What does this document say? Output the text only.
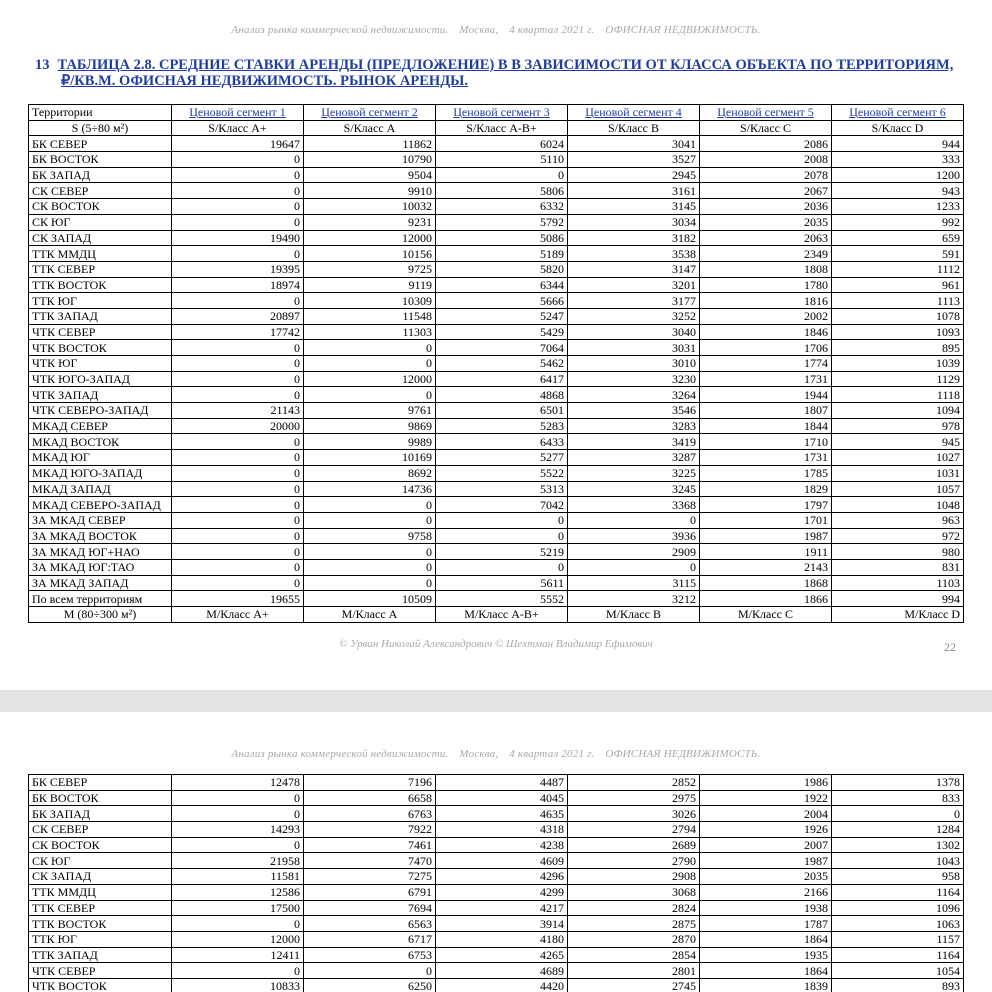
Анализ рынка коммерческой недвижимости. Москва, 4 квартал 2021 г. ОФИСНАЯ НЕДВИЖИМОСТЬ.
13 ТАБЛИЦА 2.8. СРЕДНИЕ СТАВКИ АРЕНДЫ (ПРЕДЛОЖЕНИЕ) В В ЗАВИСИМОСТИ ОТ КЛАССА ОБЪЕКТА ПО ТЕРРИТОРИЯМ,
₽/КВ.М. ОФИСНАЯ НЕДВИЖИМОСТЬ. РЫНОК АРЕНДЫ.
Территории	Ценовой сегмент 1	Ценовой сегмент 2	Ценовой сегмент 3	Ценовой сегмент 4	Ценовой сегмент 5	Ценовой сегмент 6
S (5÷80 м²)	S/Класс А+	S/Класс А	S/Класс А-В+	S/Класс В	S/Класс С	S/Класс D
БК СЕВЕР	19647	11862	6024	3041	2086	944
БК ВОСТОК	0	10790	5110	3527	2008	333
БК ЗАПАД	0	9504	0	2945	2078	1200
СК СЕВЕР	0	9910	5806	3161	2067	943
СК ВОСТОК	0	10032	6332	3145	2036	1233
СК ЮГ	0	9231	5792	3034	2035	992
СК ЗАПАД	19490	12000	5086	3182	2063	659
ТТК ММДЦ	0	10156	5189	3538	2349	591
ТТК СЕВЕР	19395	9725	5820	3147	1808	1112
ТТК ВОСТОК	18974	9119	6344	3201	1780	961
ТТК ЮГ	0	10309	5666	3177	1816	1113
ТТК ЗАПАД	20897	11548	5247	3252	2002	1078
ЧТК СЕВЕР	17742	11303	5429	3040	1846	1093
ЧТК ВОСТОК	0	0	7064	3031	1706	895
ЧТК ЮГ	0	0	5462	3010	1774	1039
ЧТК ЮГО-ЗАПАД	0	12000	6417	3230	1731	1129
ЧТК ЗАПАД	0	0	4868	3264	1944	1118
ЧТК СЕВЕРО-ЗАПАД	21143	9761	6501	3546	1807	1094
МКАД СЕВЕР	20000	9869	5283	3283	1844	978
МКАД ВОСТОК	0	9989	6433	3419	1710	945
МКАД ЮГ	0	10169	5277	3287	1731	1027
МКАД ЮГО-ЗАПАД	0	8692	5522	3225	1785	1031
МКАД ЗАПАД	0	14736	5313	3245	1829	1057
МКАД СЕВЕРО-ЗАПАД	0	0	7042	3368	1797	1048
ЗА МКАД СЕВЕР	0	0	0	0	1701	963
ЗА МКАД ВОСТОК	0	9758	0	3936	1987	972
ЗА МКАД ЮГ+НАО	0	0	5219	2909	1911	980
ЗА МКАД ЮГ:ТАО	0	0	0	0	2143	831
ЗА МКАД ЗАПАД	0	0	5611	3115	1868	1103
По всем территориям	19655	10509	5552	3212	1866	994
М (80÷300 м²)	М/Класс А+	М/Класс А	М/Класс А-В+	М/Класс В	М/Класс С	М/Класс D
© Урван Николай Александрович © Шехтман Владимир Ефимович	22
Анализ рынка коммерческой недвижимости. Москва, 4 квартал 2021 г. ОФИСНАЯ НЕДВИЖИМОСТЬ.
БК СЕВЕР	12478	7196	4487	2852	1986	1378
БК ВОСТОК	0	6658	4045	2975	1922	833
БК ЗАПАД	0	6763	4635	3026	2004	0
СК СЕВЕР	14293	7922	4318	2794	1926	1284
СК ВОСТОК	0	7461	4238	2689	2007	1302
СК ЮГ	21958	7470	4609	2790	1987	1043
СК ЗАПАД	11581	7275	4296	2908	2035	958
ТТК ММДЦ	12586	6791	4299	3068	2166	1164
ТТК СЕВЕР	17500	7694	4217	2824	1938	1096
ТТК ВОСТОК	0	6563	3914	2875	1787	1063
ТТК ЮГ	12000	6717	4180	2870	1864	1157
ТТК ЗАПАД	12411	6753	4265	2854	1935	1164
ЧТК СЕВЕР	0	0	4689	2801	1864	1054
ЧТК ВОСТОК	10833	6250	4420	2745	1839	893
